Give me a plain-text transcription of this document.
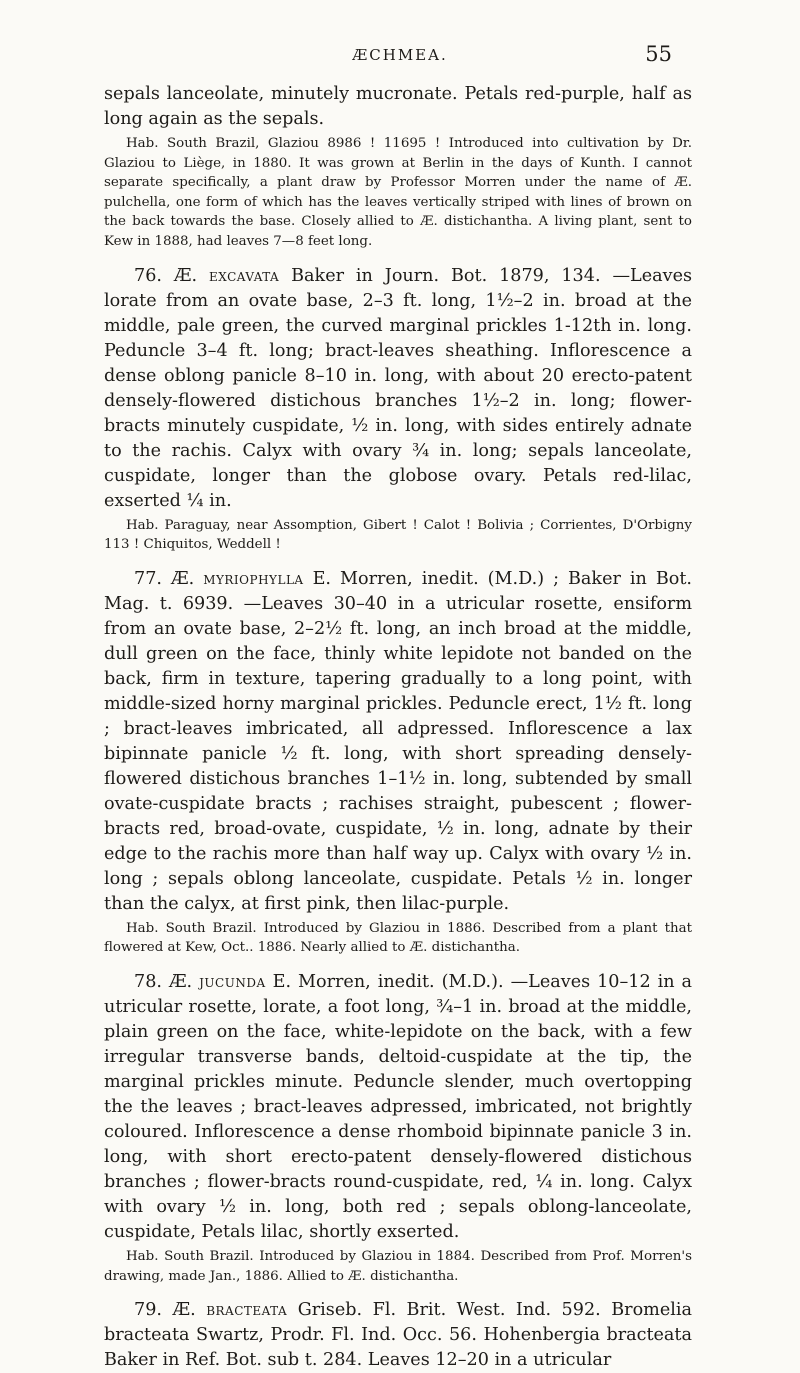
ÆCHMEA.	55

sepals lanceolate, minutely mucronate. Petals red-purple, half as long again as the sepals.

Hab. South Brazil, Glaziou 8986 ! 11695 ! Introduced into cultivation by Dr. Glaziou to Liège, in 1880. It was grown at Berlin in the days of Kunth. I cannot separate specifically, a plant draw by Professor Morren under the name of Æ. pulchella, one form of which has the leaves vertically striped with lines of brown on the back towards the base. Closely allied to Æ. distichantha. A living plant, sent to Kew in 1888, had leaves 7—8 feet long.

76. Æ. excavata Baker in Journ. Bot. 1879, 134. —Leaves lorate from an ovate base, 2–3 ft. long, 1½–2 in. broad at the middle, pale green, the curved marginal prickles 1-12th in. long. Peduncle 3–4 ft. long; bract-leaves sheathing. Inflorescence a dense oblong panicle 8–10 in. long, with about 20 erecto-patent densely-flowered distichous branches 1½–2 in. long; flower-bracts minutely cuspidate, ½ in. long, with sides entirely adnate to the rachis. Calyx with ovary ¾ in. long; sepals lanceolate, cuspidate, longer than the globose ovary. Petals red-lilac, exserted ¼ in.

Hab. Paraguay, near Assomption, Gibert ! Calot ! Bolivia ; Corrientes, D'Orbigny 113 ! Chiquitos, Weddell !

77. Æ. myriophylla E. Morren, inedit. (M.D.) ; Baker in Bot. Mag. t. 6939. —Leaves 30–40 in a utricular rosette, ensiform from an ovate base, 2–2½ ft. long, an inch broad at the middle, dull green on the face, thinly white lepidote not banded on the back, firm in texture, tapering gradually to a long point, with middle-sized horny marginal prickles. Peduncle erect, 1½ ft. long ; bract-leaves imbricated, all adpressed. Inflorescence a lax bipinnate panicle ½ ft. long, with short spreading densely-flowered distichous branches 1–1½ in. long, subtended by small ovate-cuspidate bracts ; rachises straight, pubescent ; flower-bracts red, broad-ovate, cuspidate, ½ in. long, adnate by their edge to the rachis more than half way up. Calyx with ovary ½ in. long ; sepals oblong lanceolate, cuspidate. Petals ½ in. longer than the calyx, at first pink, then lilac-purple.

Hab. South Brazil. Introduced by Glaziou in 1886. Described from a plant that flowered at Kew, Oct.. 1886. Nearly allied to Æ. distichantha.

78. Æ. jucunda E. Morren, inedit. (M.D.). —Leaves 10–12 in a utricular rosette, lorate, a foot long, ¾–1 in. broad at the middle, plain green on the face, white-lepidote on the back, with a few irregular transverse bands, deltoid-cuspidate at the tip, the marginal prickles minute. Peduncle slender, much overtopping the the leaves ; bract-leaves adpressed, imbricated, not brightly coloured. Inflorescence a dense rhomboid bipinnate panicle 3 in. long, with short erecto-patent densely-flowered distichous branches ; flower-bracts round-cuspidate, red, ¼ in. long. Calyx with ovary ½ in. long, both red ; sepals oblong-lanceolate, cuspidate, Petals lilac, shortly exserted.

Hab. South Brazil. Introduced by Glaziou in 1884. Described from Prof. Morren's drawing, made Jan., 1886. Allied to Æ. distichantha.

79. Æ. bracteata Griseb. Fl. Brit. West. Ind. 592. Bromelia bracteata Swartz, Prodr. Fl. Ind. Occ. 56. Hohenbergia bracteata Baker in Ref. Bot. sub t. 284. Leaves 12–20 in a utricular
